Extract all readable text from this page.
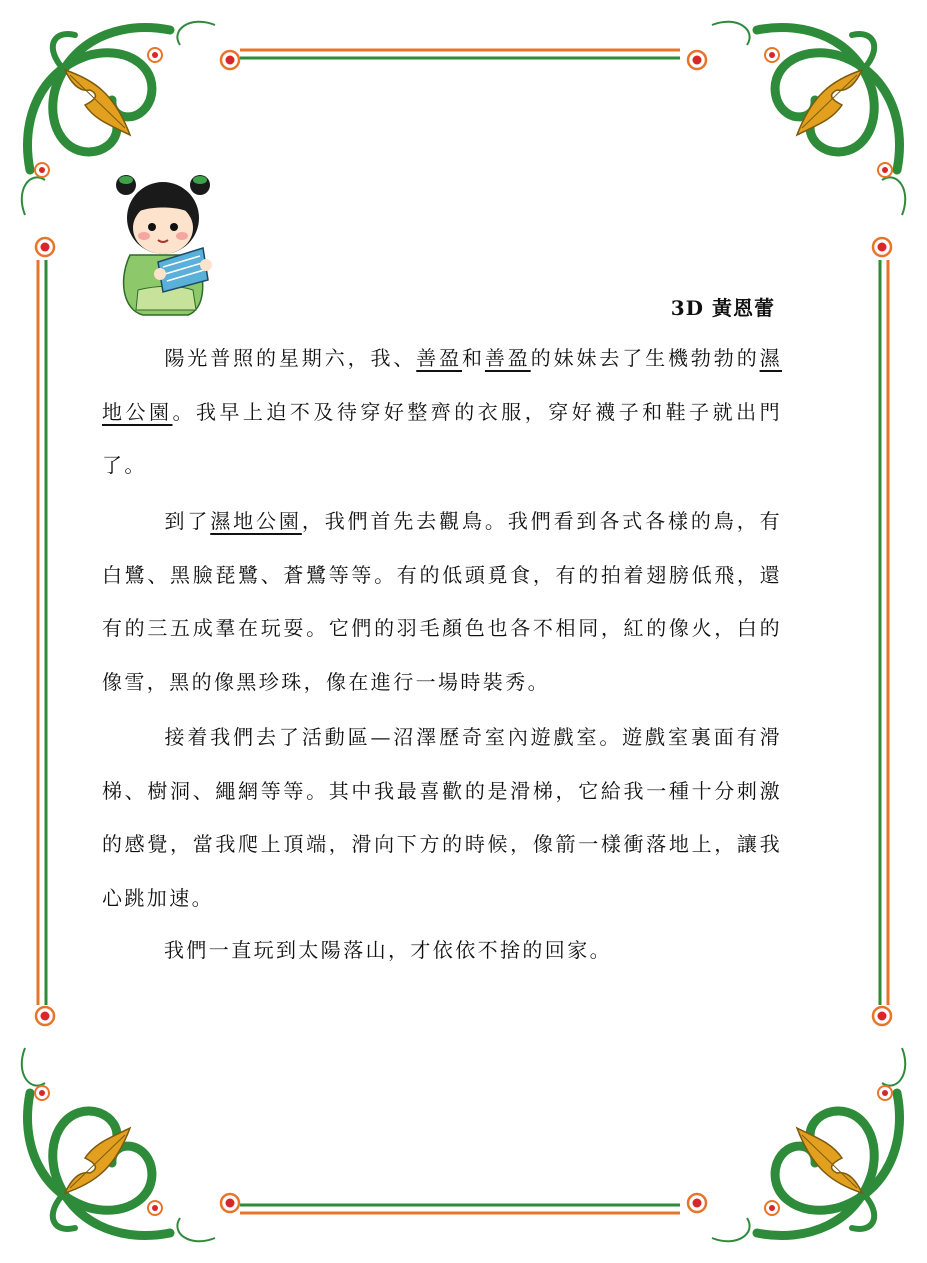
3D 黃恩蕾

陽光普照的星期六，我、善盈和善盈的妹妹去了生機勃勃的濕地公園。我早上迫不及待穿好整齊的衣服，穿好襪子和鞋子就出門了。

到了濕地公園，我們首先去觀鳥。我們看到各式各樣的鳥，有白鷺、黑臉琵鷺、蒼鷺等等。有的低頭覓食，有的拍着翅膀低飛，還有的三五成羣在玩耍。它們的羽毛顏色也各不相同，紅的像火，白的像雪，黑的像黑珍珠，像在進行一場時裝秀。

接着我們去了活動區—沼澤歷奇室內遊戲室。遊戲室裏面有滑梯、樹洞、繩網等等。其中我最喜歡的是滑梯，它給我一種十分刺激的感覺，當我爬上頂端，滑向下方的時候，像箭一樣衝落地上，讓我心跳加速。

我們一直玩到太陽落山，才依依不捨的回家。
